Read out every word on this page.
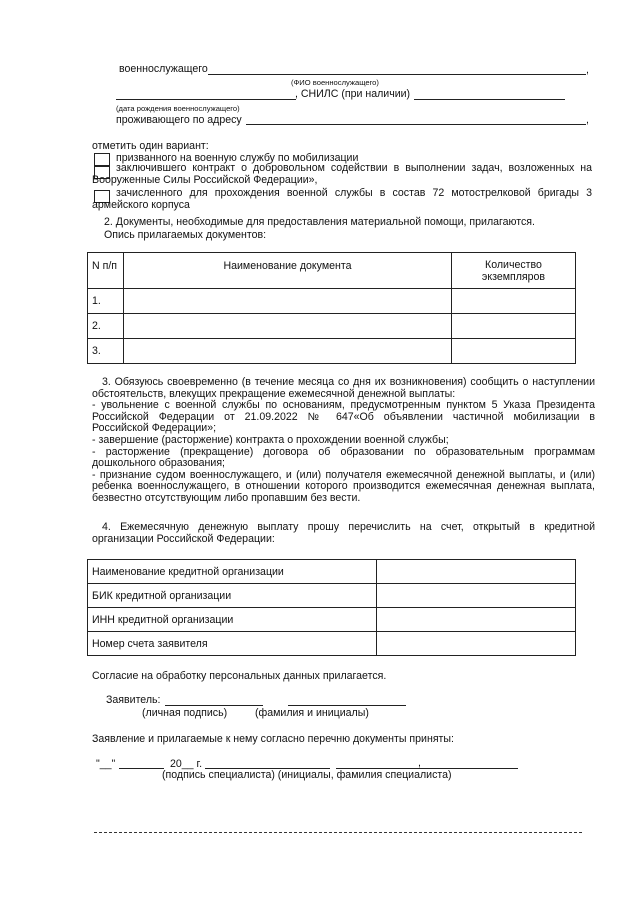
военнослужащего	,
(ФИО военнослужащего)
, СНИЛС (при наличии)
(дата рождения военнослужащего)
проживающего по адресу	,
отметить один вариант:
призванного на военную службу по мобилизации
заключившего контракт о добровольном содействии в выполнении задач, возложенных на
Вооруженные Силы Российской Федерации»,
зачисленного для прохождения военной службы в состав 72 мотострелковой бригады 3
армейского корпуса
2. Документы, необходимые для предоставления материальной помощи, прилагаются.
Опись прилагаемых документов:
N п/п	Наименование документа	Количество
экземпляров
1.		
2.		
3.		
3. Обязуюсь своевременно (в течение месяца со дня их возникновения) сообщить о наступлении
обстоятельств, влекущих прекращение ежемесячной денежной выплаты:
- увольнение с военной службы по основаниям, предусмотренным пунктом 5 Указа Президента
Российской Федерации от 21.09.2022 № 647«Об объявлении частичной мобилизации в
Российской Федерации»;
- завершение (расторжение) контракта о прохождении военной службы;
- расторжение (прекращение) договора об образовании по образовательным программам
дошкольного образования;
- признание судом военнослужащего, и (или) получателя ежемесячной денежной выплаты, и (или)
ребенка военнослужащего, в отношении которого производится ежемесячная денежная выплата,
безвестно отсутствующим либо пропавшим без вести.
4. Ежемесячную денежную выплату прошу перечислить на счет, открытый в кредитной
организации Российской Федерации:
Наименование кредитной организации	
БИК кредитной организации	
ИНН кредитной организации	
Номер счета заявителя	
Согласие на обработку персональных данных прилагается.
Заявитель:
(личная подпись)	(фамилия и инициалы)
Заявление и прилагаемые к нему согласно перечню документы приняты:
"__"	20__ г.	,
(подпись специалиста) (инициалы, фамилия специалиста)
